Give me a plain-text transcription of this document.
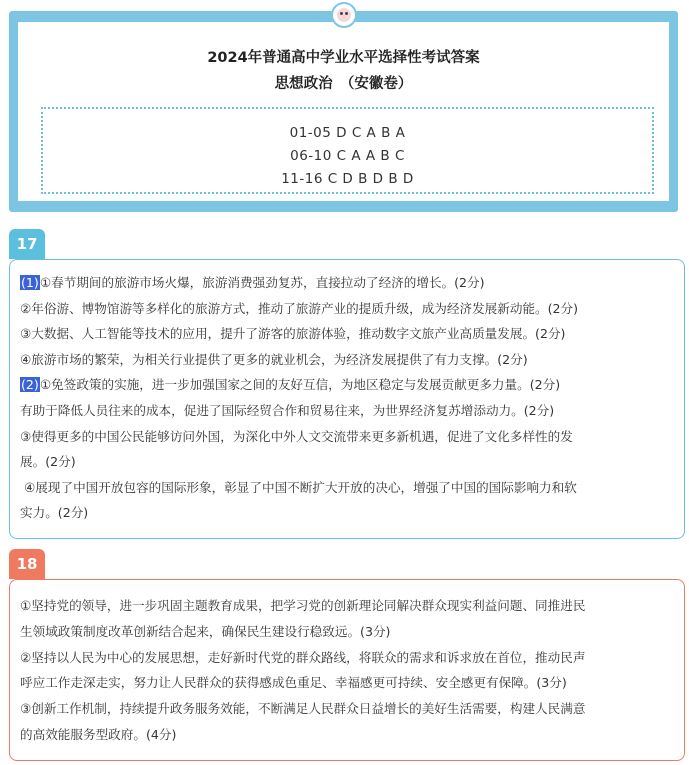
2024年普通高中学业水平选择性考试答案
思想政治　（安徽卷）
01-05 D C A B A
06-10 C A A B C
11-16 C D B D B D
17
(1)①春节期间的旅游市场火爆，旅游消费强劲复苏，直接拉动了经济的增长。(2分)
②年俗游、博物馆游等多样化的旅游方式，推动了旅游产业的提质升级，成为经济发展新动能。(2分)
③大数据、人工智能等技术的应用，提升了游客的旅游体验，推动数字文旅产业高质量发展。(2分)
④旅游市场的繁荣，为相关行业提供了更多的就业机会，为经济发展提供了有力支撑。(2分)
(2)①免签政策的实施，进一步加强国家之间的友好互信，为地区稳定与发展贡献更多力量。(2分)
有助于降低人员往来的成本，促进了国际经贸合作和贸易往来，为世界经济复苏增添动力。(2分)
③使得更多的中国公民能够访问外国，为深化中外人文交流带来更多新机遇，促进了文化多样性的发
展。(2分)
④展现了中国开放包容的国际形象，彰显了中国不断扩大开放的决心，增强了中国的国际影响力和软
实力。(2分)
18
①坚持党的领导，进一步巩固主题教育成果，把学习党的创新理论同解决群众现实利益问题、同推进民
生领域政策制度改革创新结合起来，确保民生建设行稳致远。(3分)
②坚持以人民为中心的发展思想，走好新时代党的群众路线，将联众的需求和诉求放在首位，推动民声
呼应工作走深走实，努力让人民群众的获得感成色重足、幸福感更可持续、安全感更有保障。(3分)
③创新工作机制，持续提升政务服务效能，不断满足人民群众日益增长的美好生活需要，构建人民满意
的高效能服务型政府。(4分)
